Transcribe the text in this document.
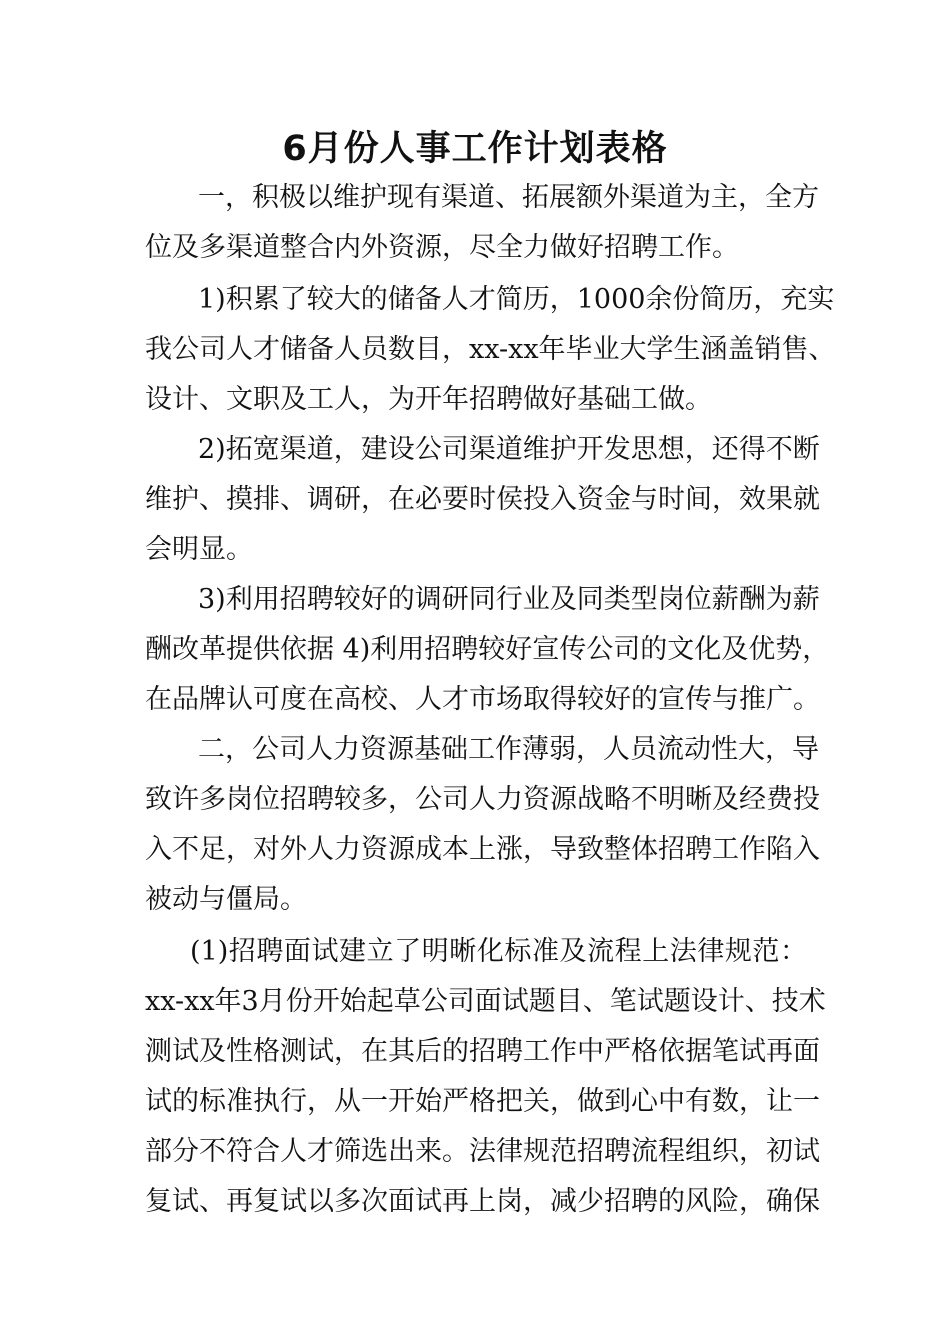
6月份人事工作计划表格

一，积极以维护现有渠道、拓展额外渠道为主，全方

位及多渠道整合内外资源，尽全力做好招聘工作。

1)积累了较大的储备人才简历，1000余份简历，充实

我公司人才储备人员数目，xx-xx年毕业大学生涵盖销售、

设计、文职及工人，为开年招聘做好基础工做。

2)拓宽渠道，建设公司渠道维护开发思想，还得不断

维护、摸排、调研，在必要时侯投入资金与时间，效果就

会明显。

3)利用招聘较好的调研同行业及同类型岗位薪酬为薪

酬改革提供依据 4)利用招聘较好宣传公司的文化及优势，

在品牌认可度在高校、人才市场取得较好的宣传与推广。

二，公司人力资源基础工作薄弱，人员流动性大，导

致许多岗位招聘较多，公司人力资源战略不明晰及经费投

入不足，对外人力资源成本上涨，导致整体招聘工作陷入

被动与僵局。

(1)招聘面试建立了明晰化标准及流程上法律规范：

xx-xx年3月份开始起草公司面试题目、笔试题设计、技术

测试及性格测试，在其后的招聘工作中严格依据笔试再面

试的标准执行，从一开始严格把关，做到心中有数，让一

部分不符合人才筛选出来。法律规范招聘流程组织，初试

复试、再复试以多次面试再上岗，减少招聘的风险，确保
